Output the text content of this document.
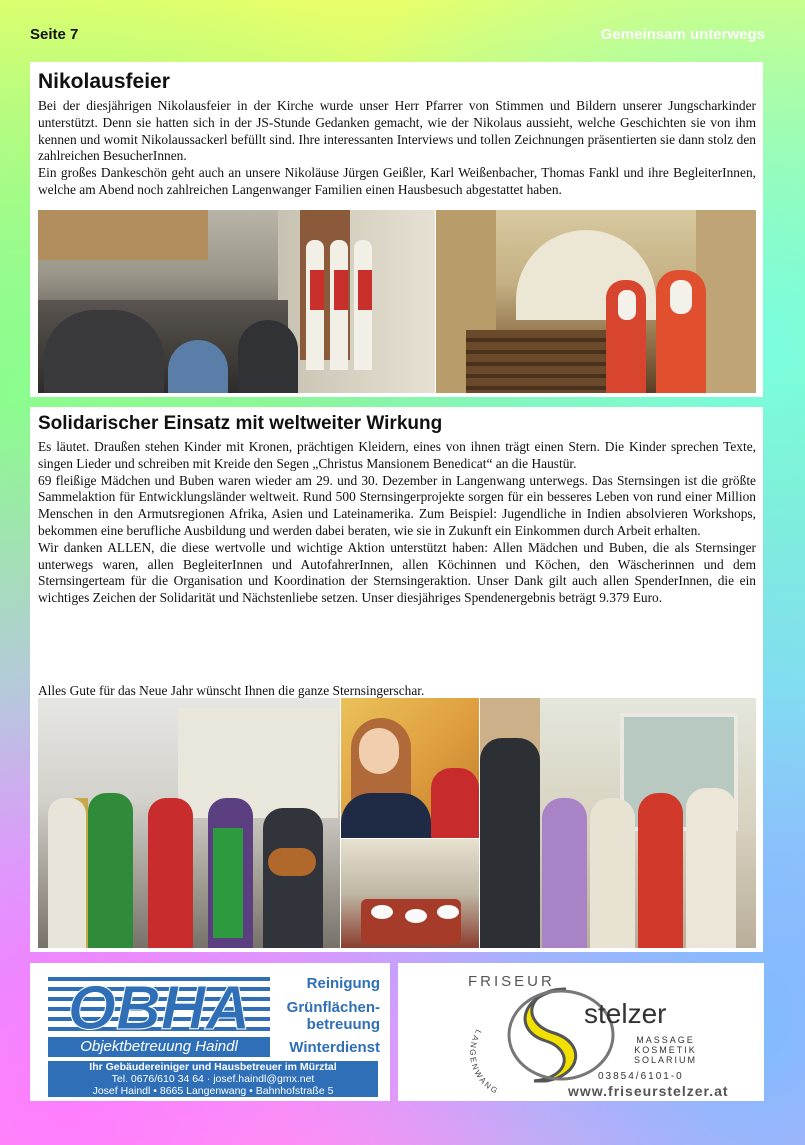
Seite 7	Gemeinsam unterwegs
Nikolausfeier

Bei der diesjährigen Nikolausfeier in der Kirche wurde unser Herr Pfarrer von Stimmen und Bildern unserer Jungscharkinder unterstützt. Denn sie hatten sich in der JS-Stunde Gedanken gemacht, wie der Nikolaus aussieht, welche Geschichten sie von ihm kennen und womit Nikolaussackerl befüllt sind. Ihre interessanten Interviews und tollen Zeichnungen präsentierten sie dann stolz den zahlreichen BesucherInnen.

Ein großes Dankeschön geht auch an unsere Nikoläuse Jürgen Geißler, Karl Weißenbacher, Thomas Fankl und ihre BegleiterInnen, welche am Abend noch zahlreichen Langenwanger Familien einen Hausbesuch abgestattet haben.

Solidarischer Einsatz mit weltweiter Wirkung

Es läutet. Draußen stehen Kinder mit Kronen, prächtigen Kleidern, eines von ihnen trägt einen Stern. Die Kinder sprechen Texte, singen Lieder und schreiben mit Kreide den Segen „Christus Mansionem Benedicat“ an die Haustür.

69 fleißige Mädchen und Buben waren wieder am 29. und 30. Dezember in Langenwang unterwegs. Das Sternsingen ist die größte Sammelaktion für Entwicklungsländer weltweit. Rund 500 Sternsingerprojekte sorgen für ein besseres Leben von rund einer Million Menschen in den Armutsregionen Afrika, Asien und Lateinamerika. Zum Beispiel: Jugendliche in Indien absolvieren Workshops, bekommen eine berufliche Ausbildung und werden dabei beraten, wie sie in Zukunft ein Einkommen durch Arbeit erhalten.

Wir danken ALLEN, die diese wertvolle und wichtige Aktion unterstützt haben: Allen Mädchen und Buben, die als Sternsinger unterwegs waren, allen BegleiterInnen und AutofahrerInnen, allen Köchinnen und Köchen, den Wäscherinnen und dem Sternsingerteam für die Organisation und Koordination der Sternsingeraktion. Unser Dank gilt auch allen SpenderInnen, die ein wichtiges Zeichen der Solidarität und Nächstenliebe setzen. Unser diesjähriges Spendenergebnis beträgt 9.379 Euro.

Alles Gute für das Neue Jahr wünscht Ihnen die ganze Sternsingerschar.
OBHA
Objektbetreuung Haindl
Reinigung
Grünflächen-
betreuung
Winterdienst
Ihr Gebäudereiniger und Hausbetreuer im Mürztal
Tel. 0676/610 34 64 · josef.haindl@gmx.net
Josef Haindl • 8665 Langenwang • Bahnhofstraße 5
FRISEUR
LANGENWANG
stelzer
MASSAGE
KOSMETIK
SOLARIUM
03854/6101-0
www.friseurstelzer.at
